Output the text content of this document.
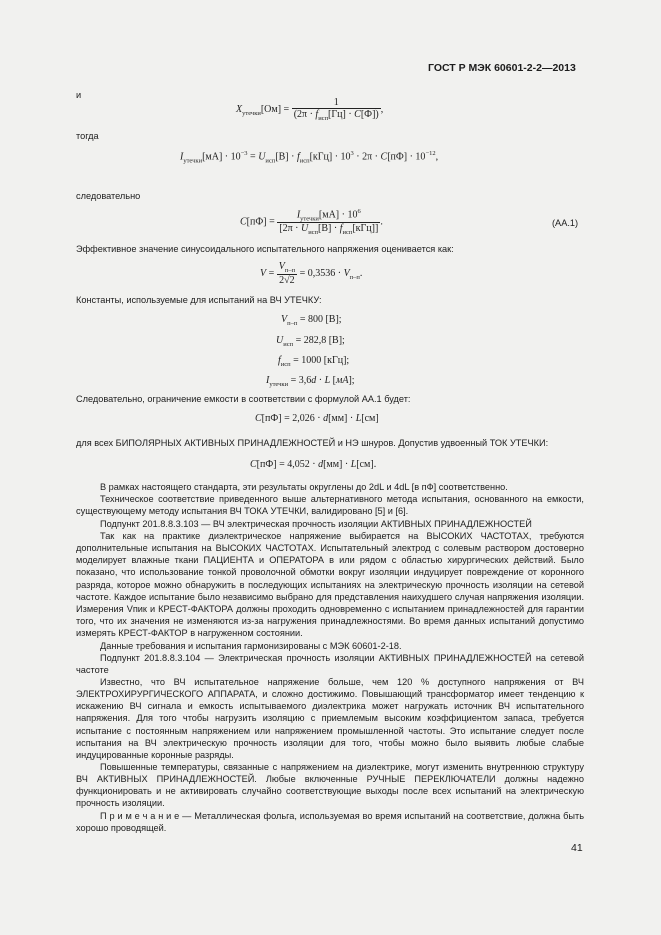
ГОСТ Р МЭК 60601-2-2—2013
и
$X_{утечки}[Ом] = \frac{1}{(2\pi \cdot f_{исп}[Гц] \cdot C[Ф])}$ ,
тогда
$I_{утечки}[мА] \cdot 10^{-3} = U_{исп}[В] \cdot f_{исп}[кГц] \cdot 10^3 \cdot 2\pi \cdot C[пФ] \cdot 10^{-12}$,
следовательно
$C[пФ] = \frac{I_{утечки}[мА] \cdot 10^6}{[2\pi \cdot U_{исп}[В] \cdot f_{исп}[кГц]]}$ .	(AA.1)
Эффективное значение синусоидального испытательного напряжения оценивается как:
$V = \frac{V_{п-п}}{2√2} = 0,3536 \cdot V_{п-п}$.
Константы, используемые для испытаний на ВЧ УТЕЧКУ:
$V_{п-п} = 800$ [В];
$U_{исп} = 282,8$ [В];
$f_{исп} = 1000$ [кГц];
$I_{утечки} = 3,6d \cdot L$ [мА];
Следовательно, ограничение емкости в соответствии с формулой AA.1 будет:
C[пФ] = 2,026 · d[мм] · L[см]
для всех БИПОЛЯРНЫХ АКТИВНЫХ ПРИНАДЛЕЖНОСТЕЙ и НЭ шнуров. Допустив удвоенный ТОК УТЕЧКИ:
C[пФ] = 4,052 · d[мм] · L[см].
В рамках настоящего стандарта, эти результаты округлены до 2dL и 4dL [в пФ] соответственно.
Техническое соответствие приведенного выше альтернативного метода испытания, основанного на емкости, существующему методу испытания ВЧ ТОКА УТЕЧКИ, валидировано [5] и [6].
Подпункт 201.8.8.3.103 — ВЧ электрическая прочность изоляции АКТИВНЫХ ПРИНАДЛЕЖНОСТЕЙ
Так как на практике диэлектрическое напряжение выбирается на ВЫСОКИХ ЧАСТОТАХ, требуются дополнительные испытания на ВЫСОКИХ ЧАСТОТАХ. Испытательный электрод с солевым раствором достоверно моделирует влажные ткани ПАЦИЕНТА и ОПЕРАТОРА в или рядом с областью хирургических действий. Было показано, что использование тонкой проволочной обмотки вокруг изоляции индуцирует повреждение от коронного разряда, которое можно обнаружить в последующих испытаниях на электрическую прочность изоляции на сетевой частоте. Каждое испытание было независимо выбрано для представления наихудшего случая напряжения изоляции. Измерения Vпик и КРЕСТ-ФАКТОРА должны проходить одновременно с испытанием принадлежностей для гарантии того, что их значения не изменяются из-за нагружения принадлежностями. Во время данных испытаний допустимо измерять КРЕСТ-ФАКТОР в нагруженном состоянии.
Данные требования и испытания гармонизированы с МЭК 60601-2-18.
Подпункт 201.8.8.3.104 — Электрическая прочность изоляции АКТИВНЫХ ПРИНАДЛЕЖНОСТЕЙ на сетевой частоте
Известно, что ВЧ испытательное напряжение больше, чем 120 % доступного напряжения от ВЧ ЭЛЕКТРОХИРУРГИЧЕСКОГО АППАРАТА, и сложно достижимо. Повышающий трансформатор имеет тенденцию к искажению ВЧ сигнала и емкость испытываемого диэлектрика может нагружать источник ВЧ испытательного напряжения. Для того чтобы нагрузить изоляцию с приемлемым высоким коэффициентом запаса, требуется испытание с постоянным напряжением или напряжением промышленной частоты. Это испытание следует после испытания на ВЧ электрическую прочность изоляции для того, чтобы можно было выявить любые слабые индуцированные коронные разряды.
Повышенные температуры, связанные с напряжением на диэлектрике, могут изменить внутреннюю структуру ВЧ АКТИВНЫХ ПРИНАДЛЕЖНОСТЕЙ. Любые включенные РУЧНЫЕ ПЕРЕКЛЮЧАТЕЛИ должны надежно функционировать и не активировать случайно соответствующие выходы после всех испытаний на электрическую прочность изоляции.
П р и м е ч а н и е — Металлическая фольга, используемая во время испытаний на соответствие, должна быть хорошо проводящей.
41
